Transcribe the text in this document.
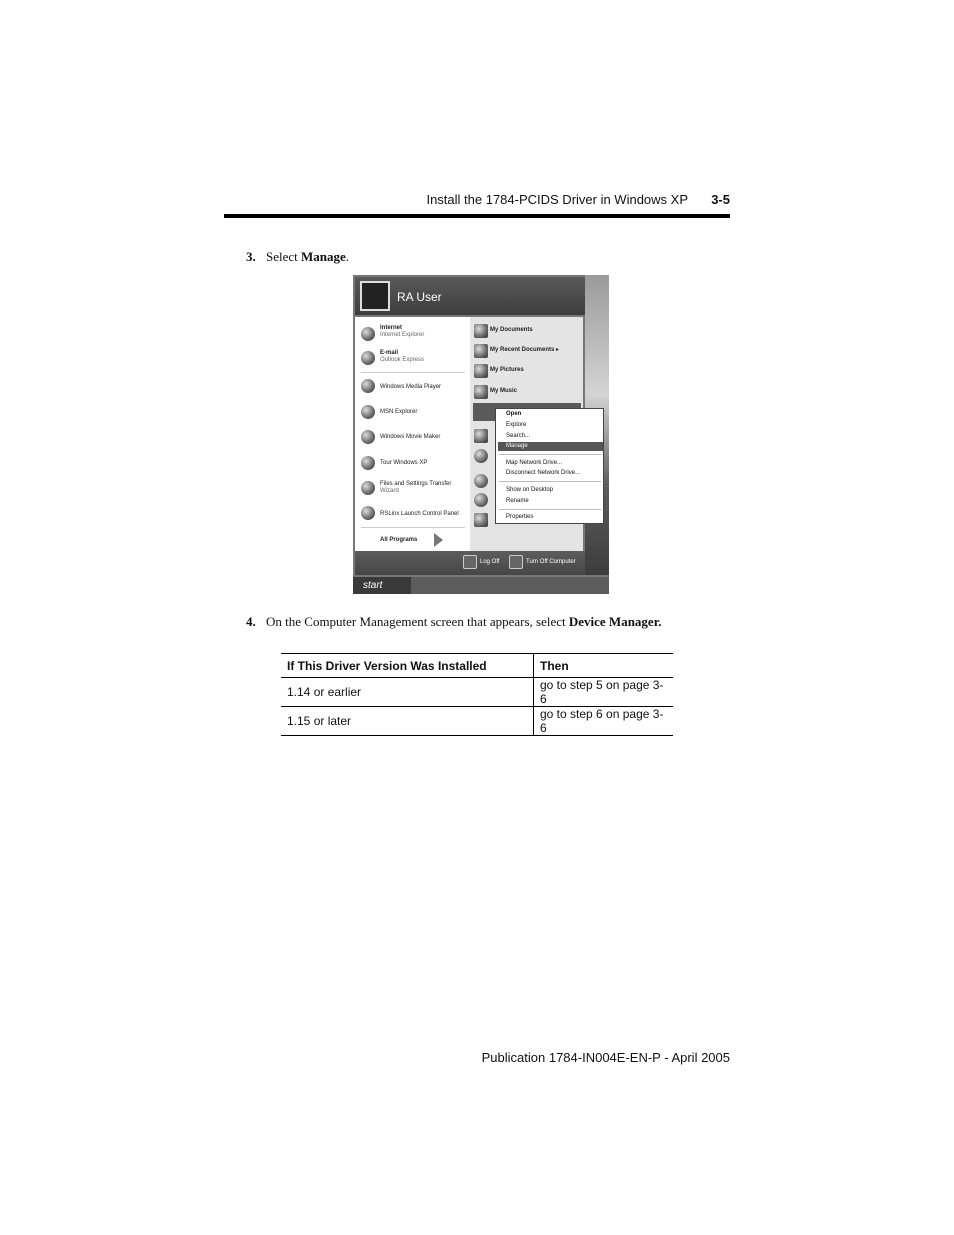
Install the 1784-PCIDS Driver in Windows XP	3-5
3. Select Manage.
RA User
Internet
Internet Explorer
E-mail
Outlook Express
Windows Media Player
MSN Explorer
Windows Movie Maker
Tour Windows XP
Files and Settings Transfer
Wizard
RSLinx Launch Control Panel
All Programs
My Documents
My Recent Documents ▸
My Pictures
My Music
Log Off	Turn Off Computer
start
Open
Explore
Search...
Manage
Map Network Drive...
Disconnect Network Drive...
Show on Desktop
Rename
Properties
4. On the Computer Management screen that appears, select Device Manager.
If This Driver Version Was Installed	Then
1.14 or earlier	go to step 5 on page 3-6
1.15 or later	go to step 6 on page 3-6
Publication 1784-IN004E-EN-P - April 2005
